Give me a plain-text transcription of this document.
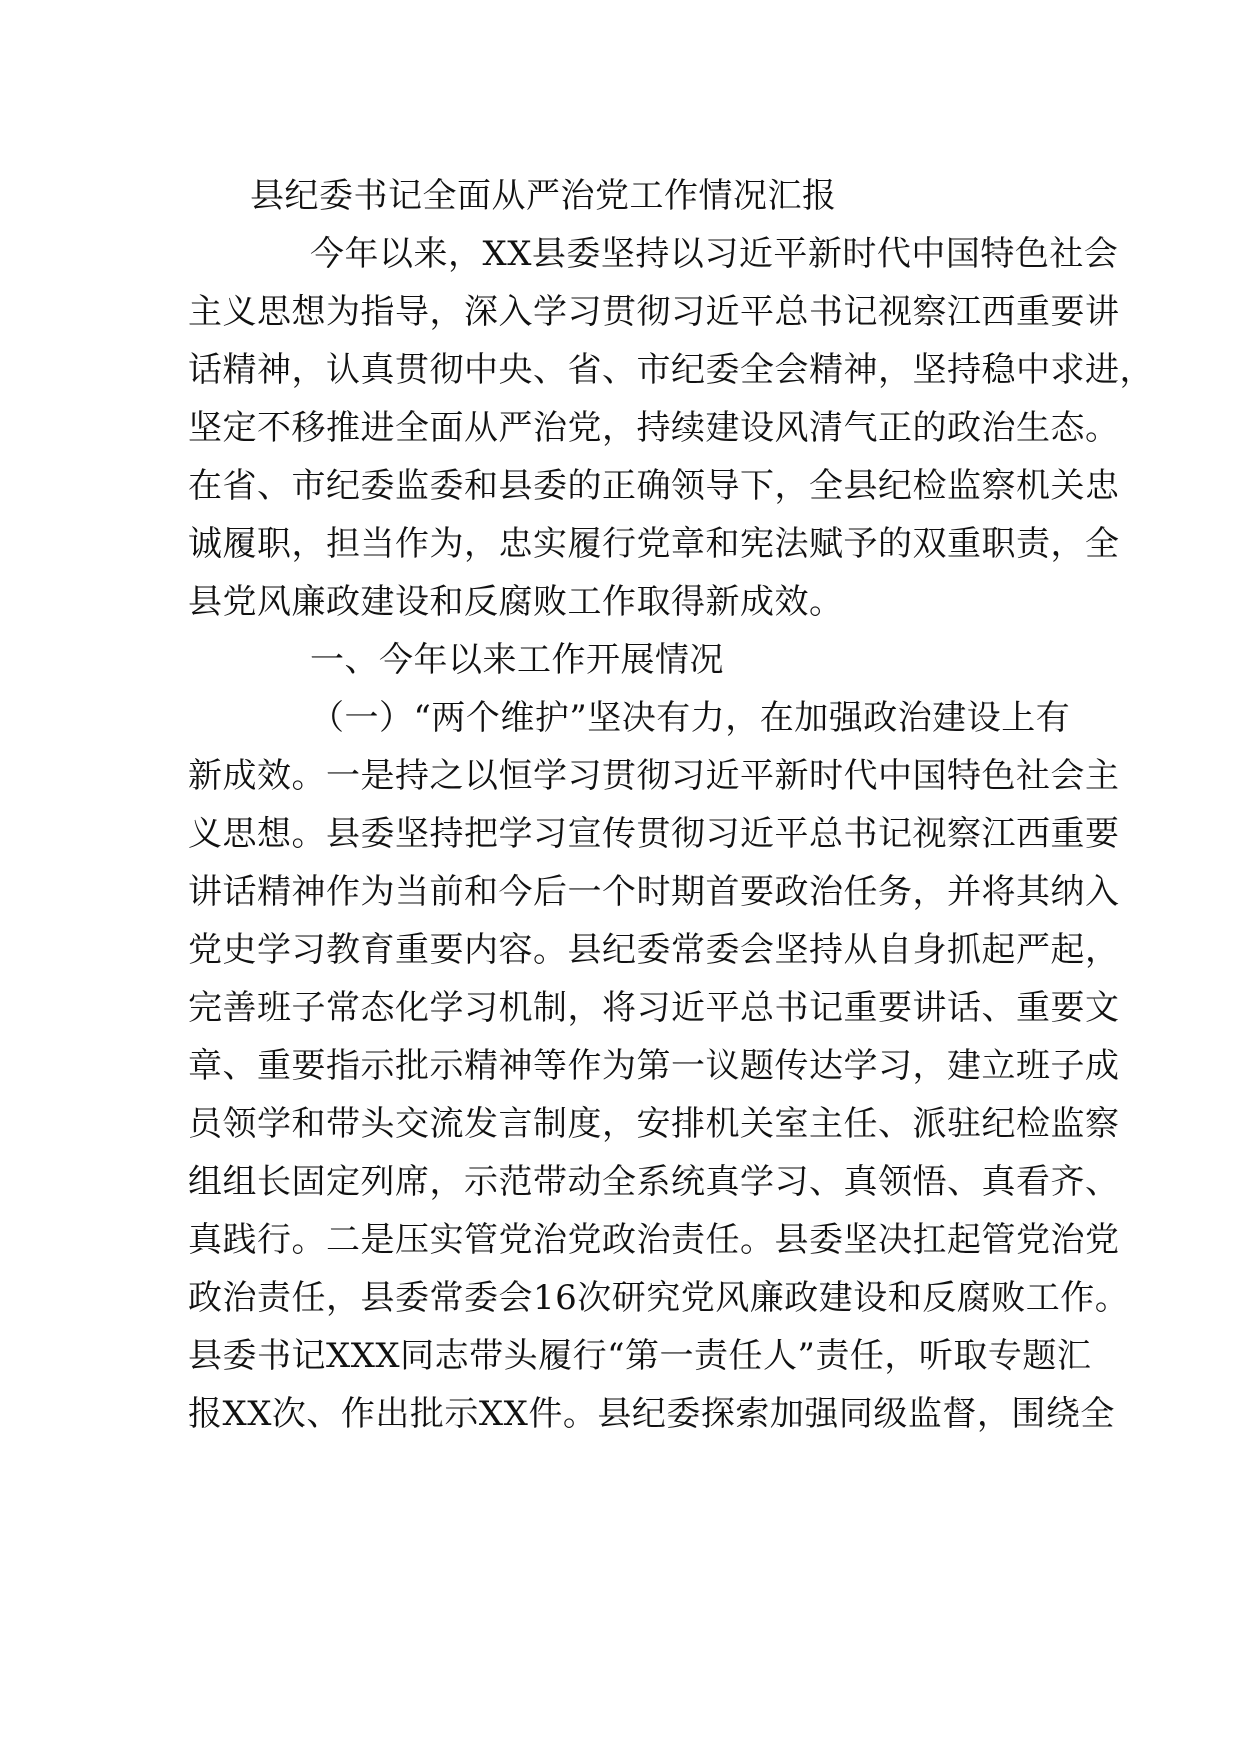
县纪委书记全面从严治党工作情况汇报
今年以来，XX县委坚持以习近平新时代中国特色社会
主义思想为指导，深入学习贯彻习近平总书记视察江西重要讲
话精神，认真贯彻中央、省、市纪委全会精神，坚持稳中求进，
坚定不移推进全面从严治党，持续建设风清气正的政治生态。
在省、市纪委监委和县委的正确领导下，全县纪检监察机关忠
诚履职，担当作为，忠实履行党章和宪法赋予的双重职责，全
县党风廉政建设和反腐败工作取得新成效。
一、今年以来工作开展情况
（一）“两个维护”坚决有力，在加强政治建设上有
新成效。一是持之以恒学习贯彻习近平新时代中国特色社会主
义思想。县委坚持把学习宣传贯彻习近平总书记视察江西重要
讲话精神作为当前和今后一个时期首要政治任务，并将其纳入
党史学习教育重要内容。县纪委常委会坚持从自身抓起严起，
完善班子常态化学习机制，将习近平总书记重要讲话、重要文
章、重要指示批示精神等作为第一议题传达学习，建立班子成
员领学和带头交流发言制度，安排机关室主任、派驻纪检监察
组组长固定列席，示范带动全系统真学习、真领悟、真看齐、
真践行。二是压实管党治党政治责任。县委坚决扛起管党治党
政治责任，县委常委会16次研究党风廉政建设和反腐败工作。
县委书记XXX同志带头履行“第一责任人”责任，听取专题汇
报XX次、作出批示XX件。县纪委探索加强同级监督，围绕全
